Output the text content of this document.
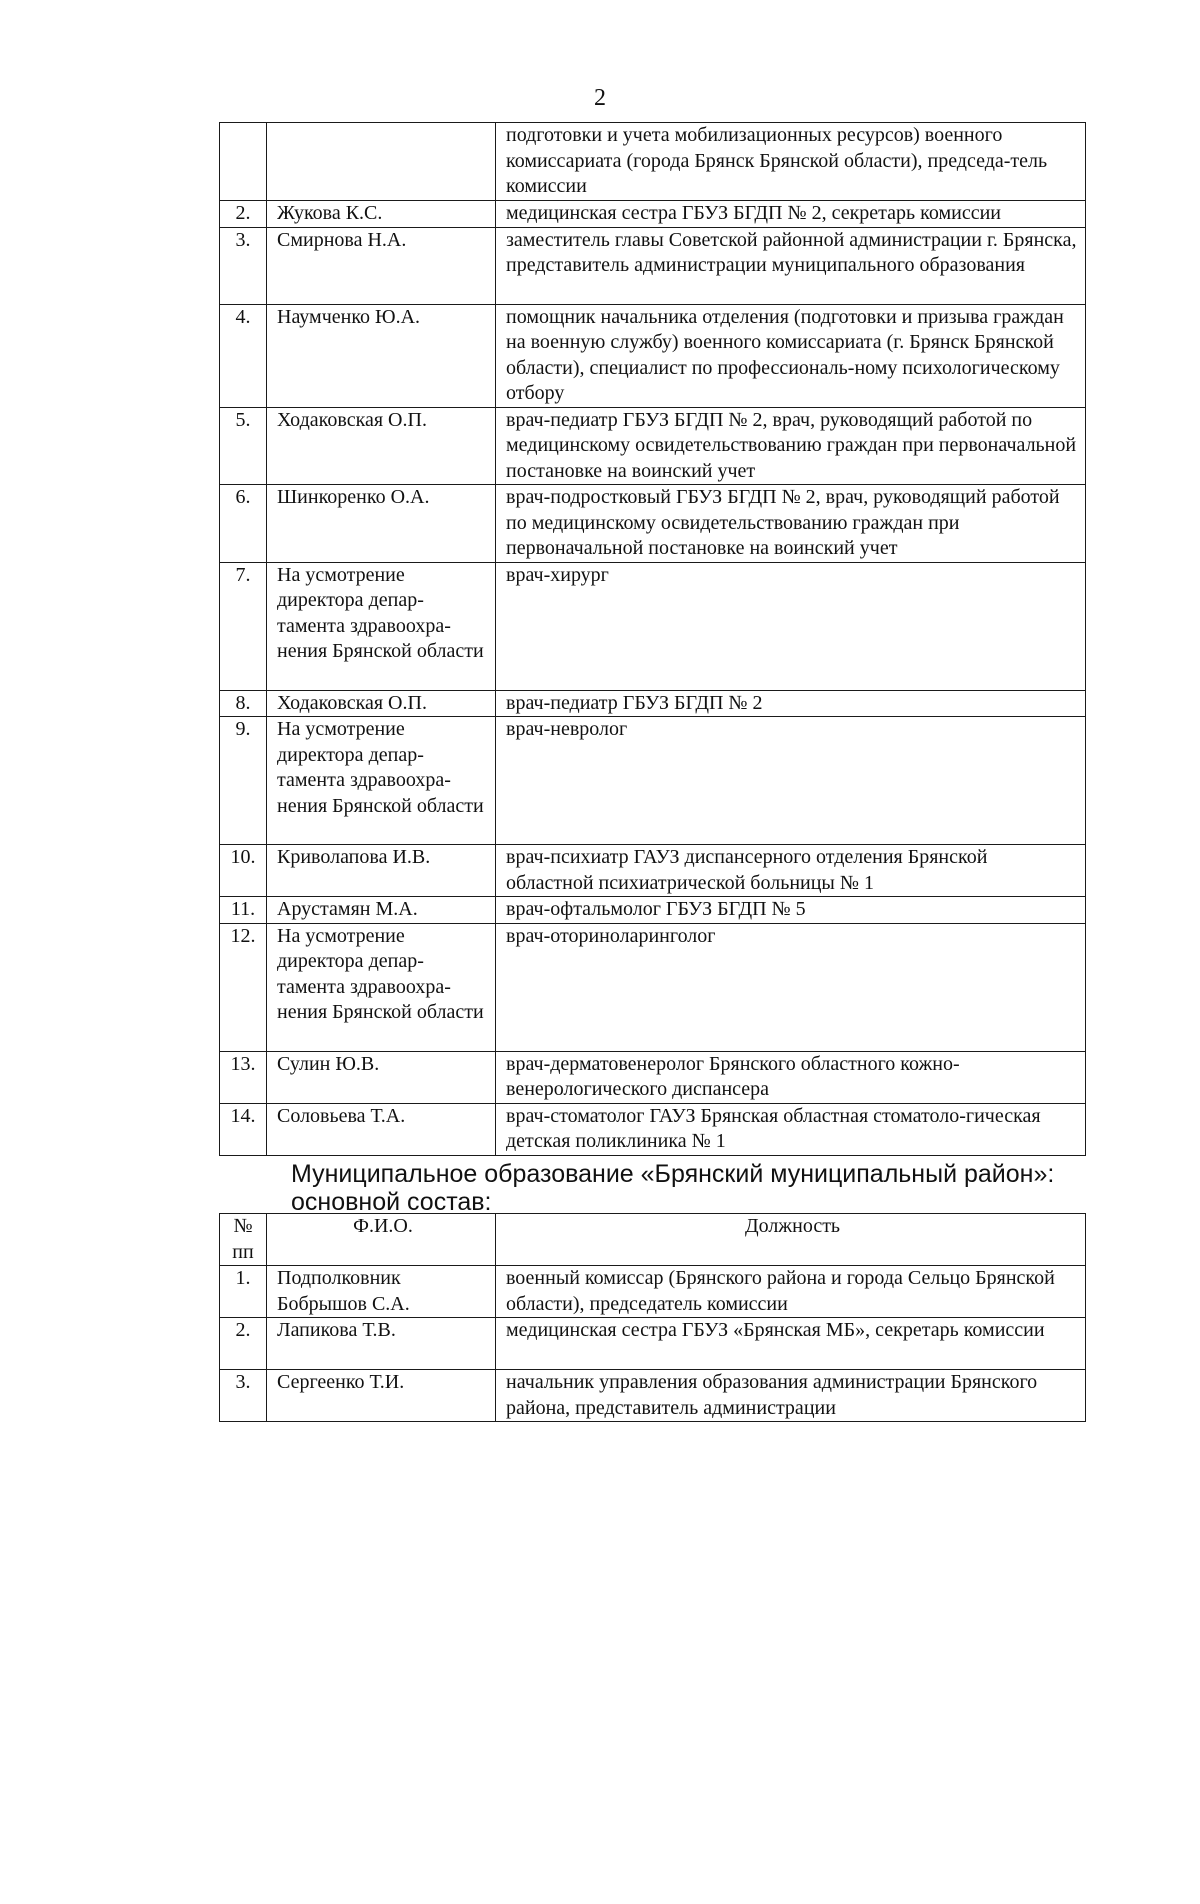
2
		подготовки и учета мобилизационных ресурсов) военного комиссариата (города Брянск Брянской области), председа-тель комиссии
2.	Жукова К.С.	медицинская сестра ГБУЗ БГДП № 2, секретарь комиссии
3.	Смирнова Н.А.	заместитель главы Советской районной администрации г. Брянска, представитель администрации муниципального образования
4.	Наумченко Ю.А.	помощник начальника отделения (подготовки и призыва граждан на военную службу) военного комиссариата (г. Брянск Брянской области), специалист по профессиональ-ному психологическому отбору
5.	Ходаковская О.П.	врач-педиатр ГБУЗ БГДП № 2, врач, руководящий работой по медицинскому освидетельствованию граждан при первоначальной постановке на воинский учет
6.	Шинкоренко О.А.	врач-подростковый ГБУЗ БГДП № 2, врач, руководящий работой по медицинскому освидетельствованию граждан при первоначальной постановке на воинский учет
7.	На усмотрение директора депар-тамента здравоохра-нения Брянской области	врач-хирург
8.	Ходаковская О.П.	врач-педиатр ГБУЗ БГДП № 2
9.	На усмотрение директора депар-тамента здравоохра-нения Брянской области	врач-невролог
10.	Криволапова И.В.	врач-психиатр ГАУЗ диспансерного отделения Брянской областной психиатрической больницы № 1
11.	Арустамян М.А.	врач-офтальмолог ГБУЗ БГДП № 5
12.	На усмотрение директора депар-тамента здравоохра-нения Брянской области	врач-оториноларинголог
13.	Сулин Ю.В.	врач-дерматовенеролог Брянского областного кожно-венерологического диспансера
14.	Соловьева Т.А.	врач-стоматолог ГАУЗ Брянская областная стоматоло-гическая детская поликлиника № 1
Муниципальное образование «Брянский муниципальный район»:
основной состав:
№ пп	Ф.И.О.	Должность
1.	Подполковник Бобрышов С.А.	военный комиссар (Брянского района и города Сельцо Брянской области), председатель комиссии
2.	Лапикова Т.В.	медицинская сестра ГБУЗ «Брянская МБ», секретарь комиссии
3.	Сергеенко Т.И.	начальник управления образования администрации Брянского района, представитель администрации
